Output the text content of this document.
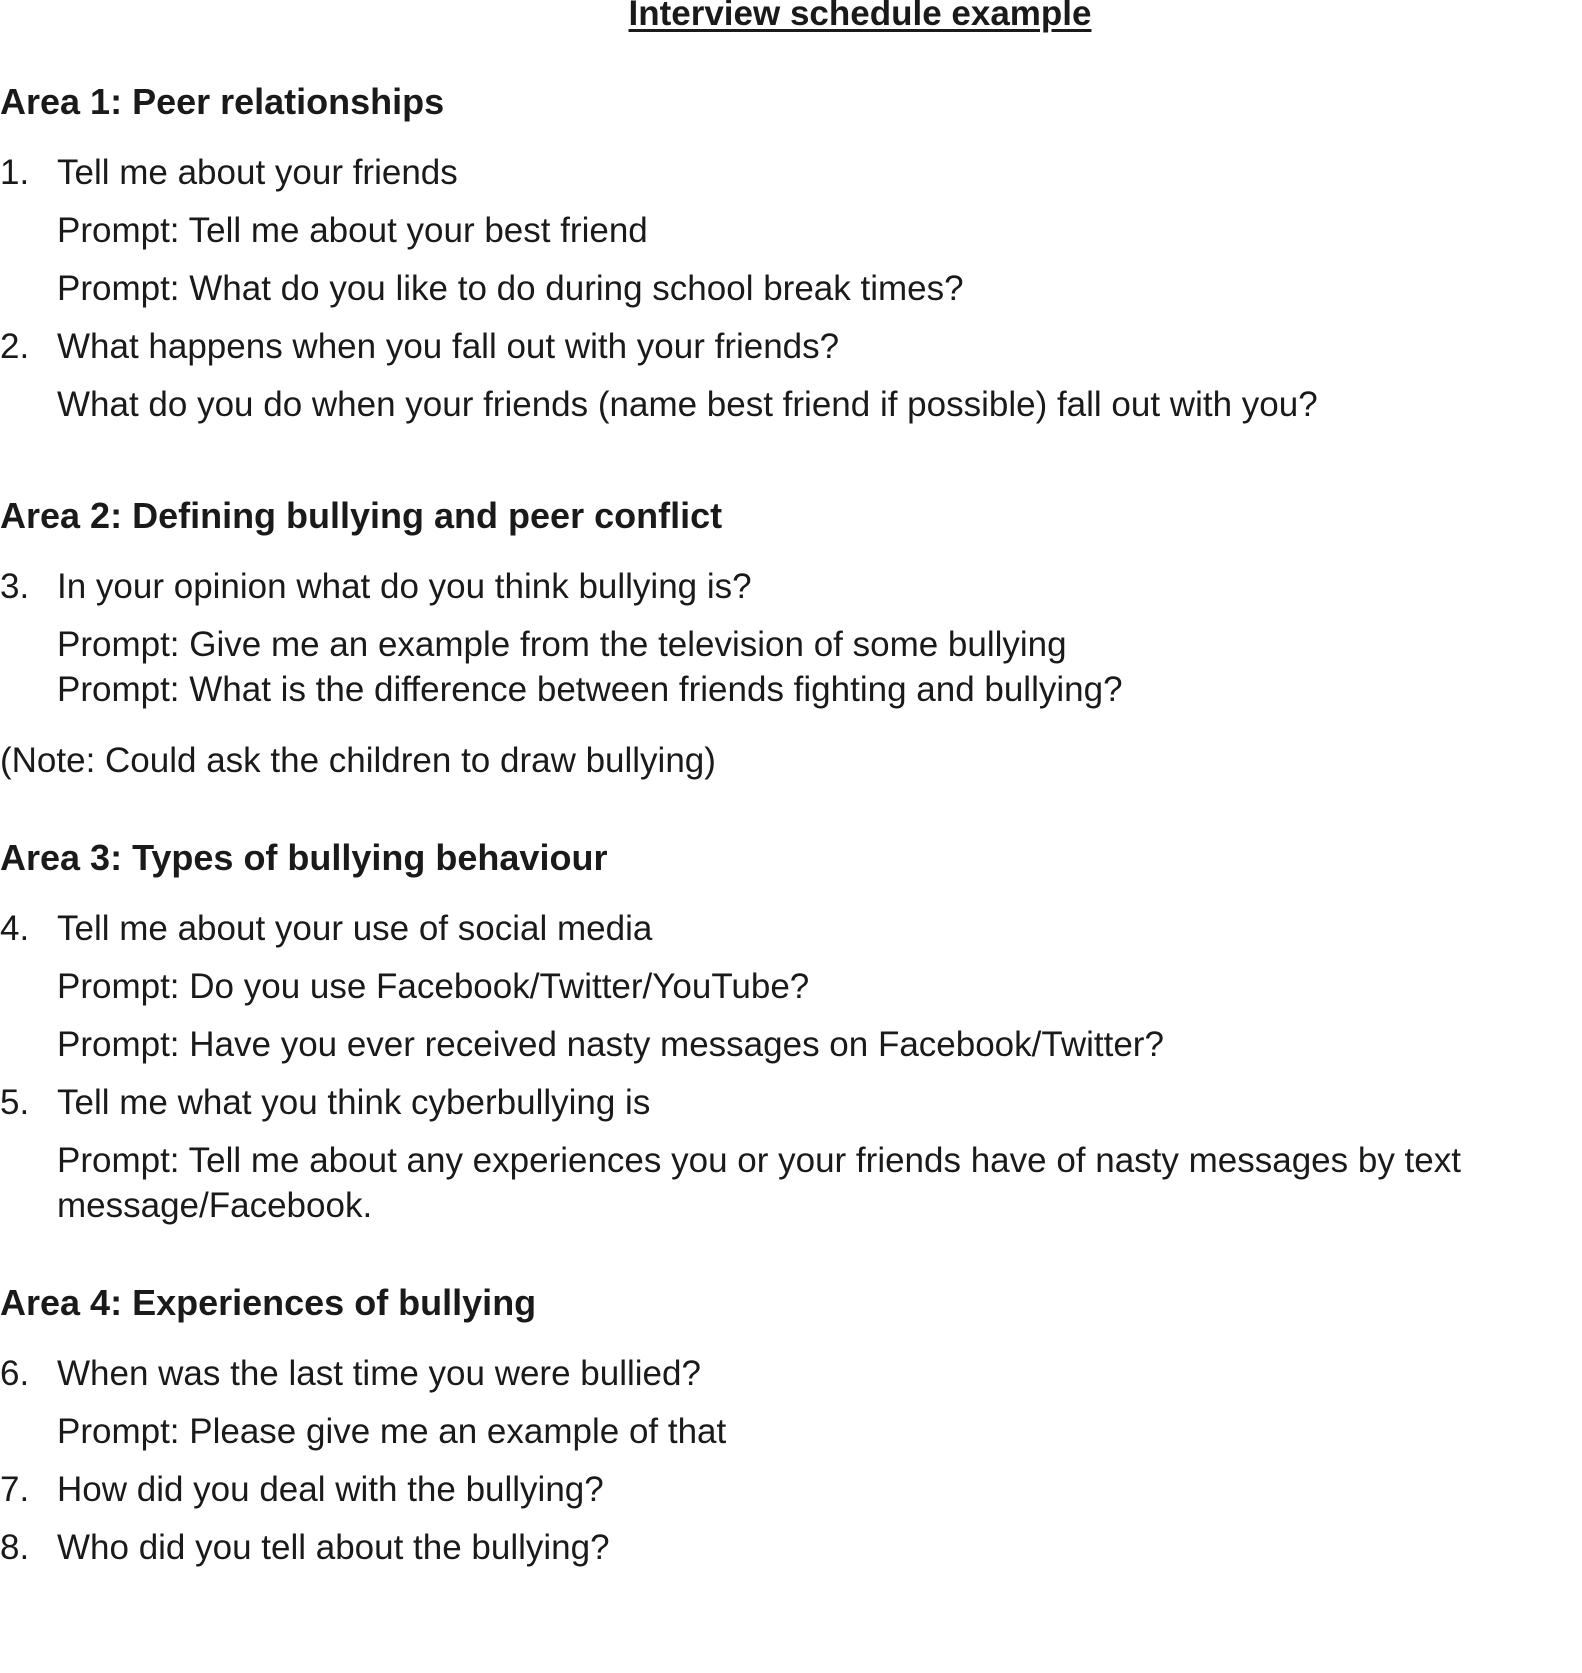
Interview schedule example
Area 1: Peer relationships
1. Tell me about your friends
Prompt: Tell me about your best friend
Prompt: What do you like to do during school break times?
2. What happens when you fall out with your friends?
What do you do when your friends (name best friend if possible) fall out with you?
Area 2: Defining bullying and peer conflict
3. In your opinion what do you think bullying is?
Prompt: Give me an example from the television of some bullying
Prompt: What is the difference between friends fighting and bullying?
(Note: Could ask the children to draw bullying)
Area 3: Types of bullying behaviour
4. Tell me about your use of social media
Prompt: Do you use Facebook/Twitter/YouTube?
Prompt: Have you ever received nasty messages on Facebook/Twitter?
5. Tell me what you think cyberbullying is
Prompt: Tell me about any experiences you or your friends have of nasty messages by text
message/Facebook.
Area 4: Experiences of bullying
6. When was the last time you were bullied?
Prompt: Please give me an example of that
7. How did you deal with the bullying?
8. Who did you tell about the bullying?
